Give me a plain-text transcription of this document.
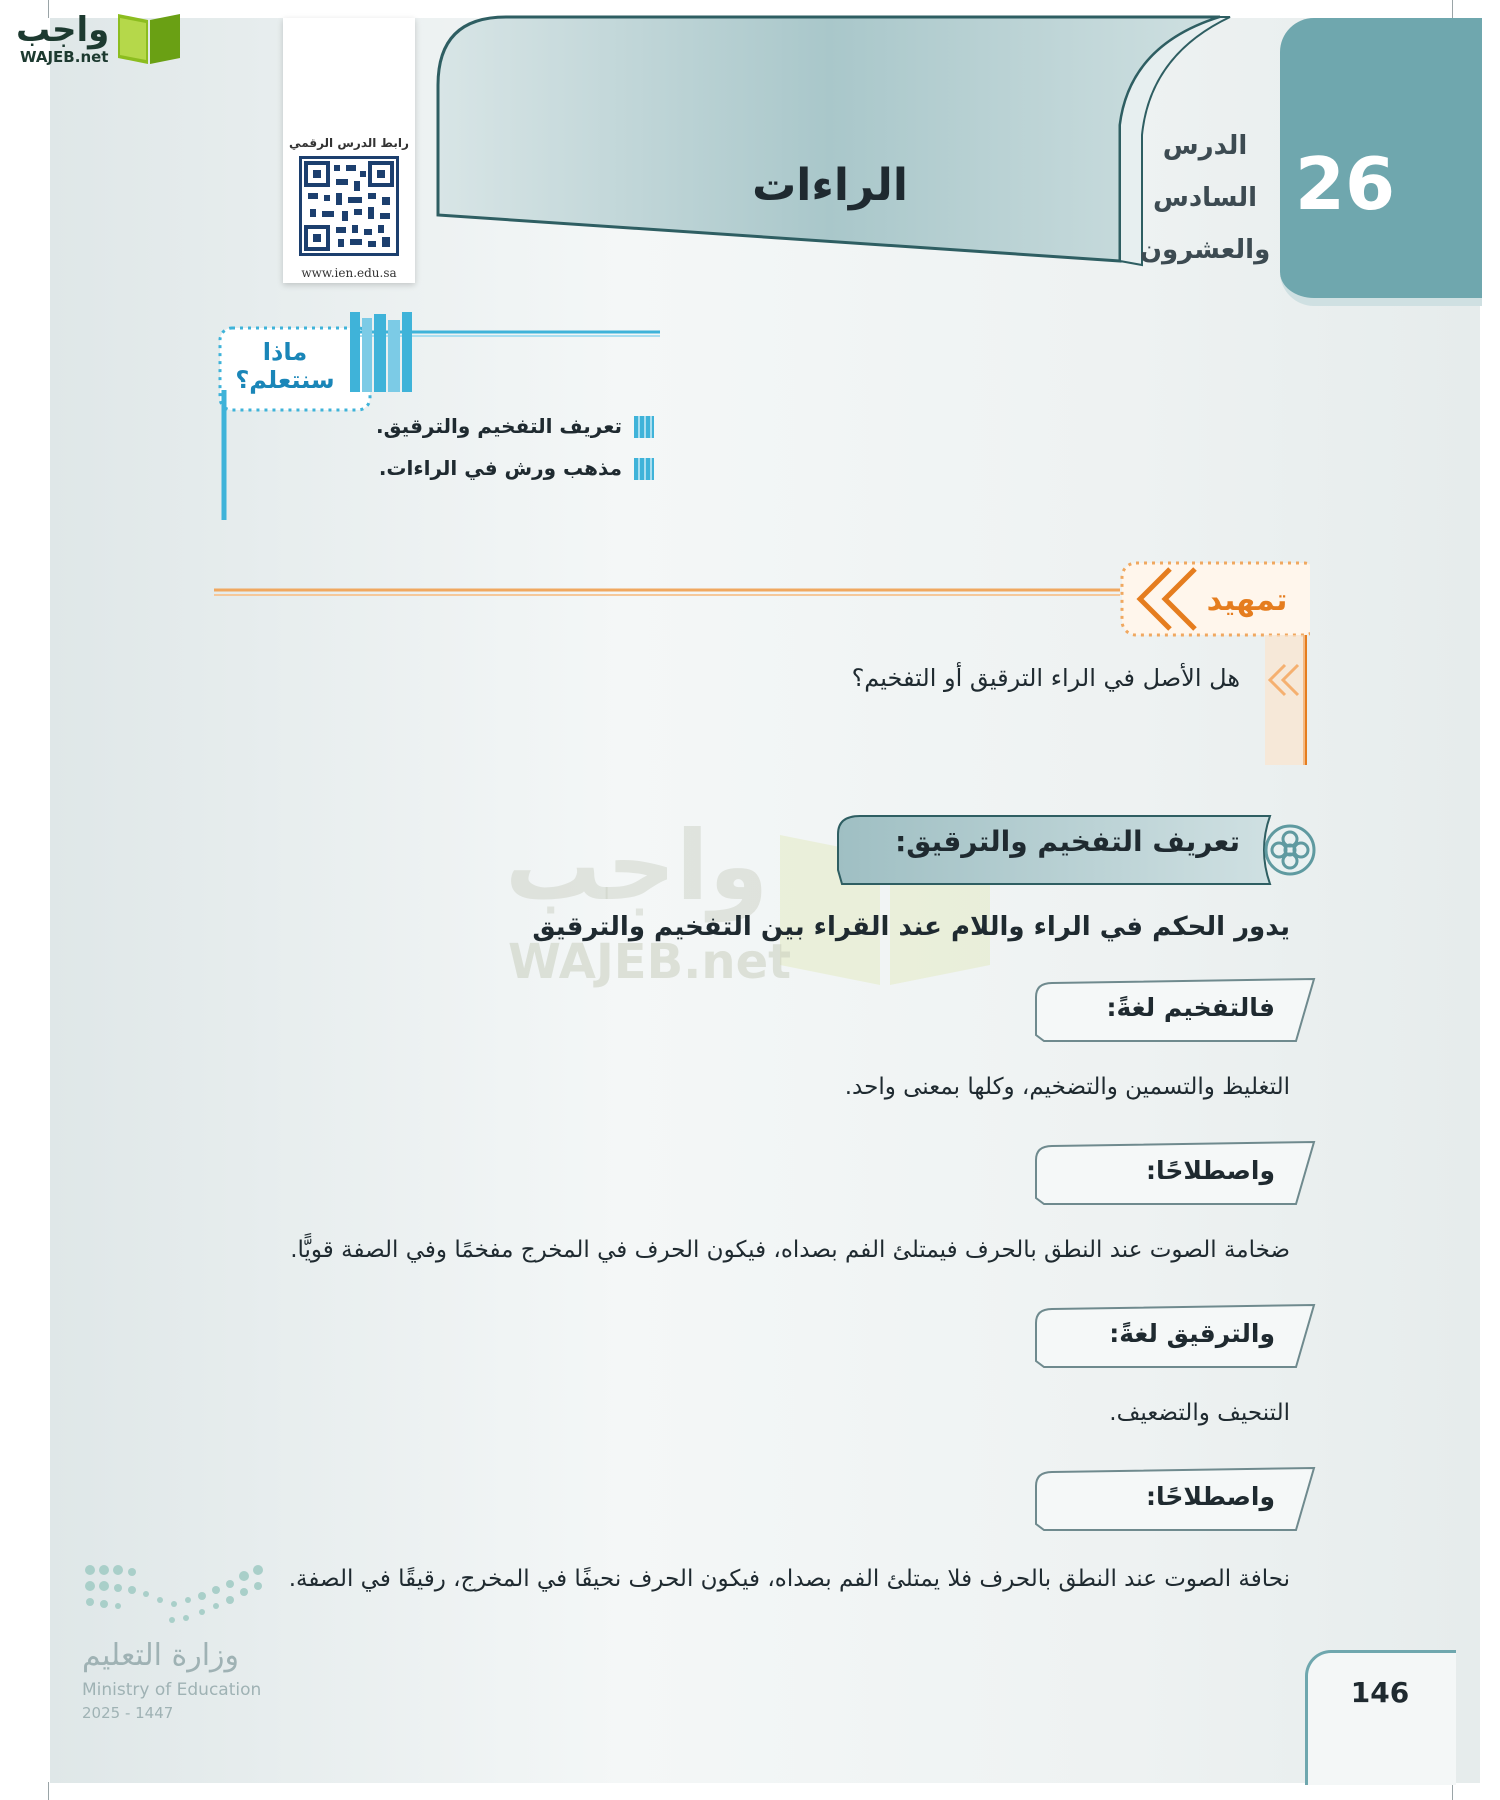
واجب
WAJEB.net
رابط الدرس الرقمي
www.ien.edu.sa
الراءات
الدرس
السادس
والعشرون
26
ماذا
سنتعلم؟
تعريف التفخيم والترقيق.
مذهب ورش في الراءات.
تمهيد
هل الأصل في الراء الترقيق أو التفخيم؟
واجب
WAJEB.net
تعريف التفخيم والترقيق:
يدور الحكم في الراء واللام عند القراء بين التفخيم والترقيق
فالتفخيم لغةً:
التغليظ والتسمين والتضخيم، وكلها بمعنى واحد.
واصطلاحًا:
ضخامة الصوت عند النطق بالحرف فيمتلئ الفم بصداه، فيكون الحرف في المخرج مفخمًا وفي الصفة قويًّا.
والترقيق لغةً:
التنحيف والتضعيف.
واصطلاحًا:
نحافة الصوت عند النطق بالحرف فلا يمتلئ الفم بصداه، فيكون الحرف نحيفًا في المخرج، رقيقًا في الصفة.
وزارة التعليم
Ministry of Education
2025 - 1447
146
